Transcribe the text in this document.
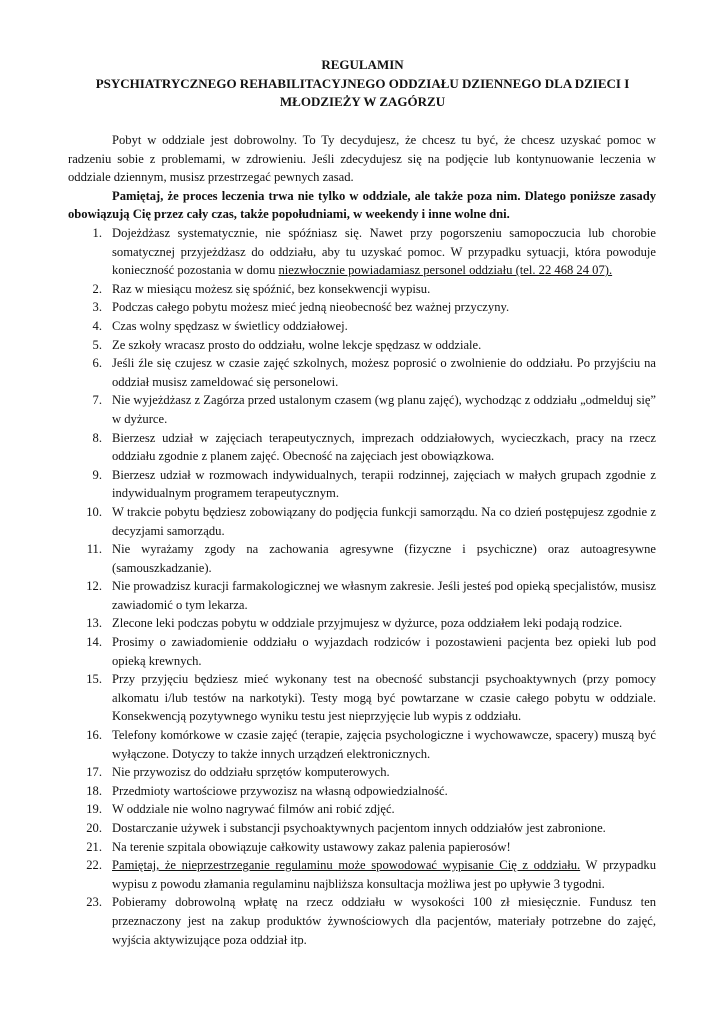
REGULAMIN
PSYCHIATRYCZNEGO REHABILITACYJNEGO ODDZIAŁU DZIENNEGO DLA DZIECI I
MŁODZIEŻY W ZAGÓRZU

Pobyt w oddziale jest dobrowolny. To Ty decydujesz, że chcesz tu być, że chcesz uzyskać pomoc w radzeniu sobie z problemami, w zdrowieniu. Jeśli zdecydujesz się na podjęcie lub kontynuowanie leczenia w oddziale dziennym, musisz przestrzegać pewnych zasad.

Pamiętaj, że proces leczenia trwa nie tylko w oddziale, ale także poza nim. Dlatego poniższe zasady obowiązują Cię przez cały czas, także popołudniami, w weekendy i inne wolne dni.

1. Dojeżdżasz systematycznie, nie spóźniasz się. Nawet przy pogorszeniu samopoczucia lub chorobie somatycznej przyjeżdżasz do oddziału, aby tu uzyskać pomoc. W przypadku sytuacji, która powoduje konieczność pozostania w domu niezwłocznie powiadamiasz personel oddziału (tel. 22 468 24 07).
2. Raz w miesiącu możesz się spóźnić, bez konsekwencji wypisu.
3. Podczas całego pobytu możesz mieć jedną nieobecność bez ważnej przyczyny.
4. Czas wolny spędzasz w świetlicy oddziałowej.
5. Ze szkoły wracasz prosto do oddziału, wolne lekcje spędzasz w oddziale.
6. Jeśli źle się czujesz w czasie zajęć szkolnych, możesz poprosić o zwolnienie do oddziału. Po przyjściu na oddział musisz zameldować się personelowi.
7. Nie wyjeżdżasz z Zagórza przed ustalonym czasem (wg planu zajęć), wychodząc z oddziału „odmelduj się” w dyżurce.
8. Bierzesz udział w zajęciach terapeutycznych, imprezach oddziałowych, wycieczkach, pracy na rzecz oddziału zgodnie z planem zajęć. Obecność na zajęciach jest obowiązkowa.
9. Bierzesz udział w rozmowach indywidualnych, terapii rodzinnej, zajęciach w małych grupach zgodnie z indywidualnym programem terapeutycznym.
10. W trakcie pobytu będziesz zobowiązany do podjęcia funkcji samorządu. Na co dzień postępujesz zgodnie z decyzjami samorządu.
11. Nie wyrażamy zgody na zachowania agresywne (fizyczne i psychiczne) oraz autoagresywne (samouszkadzanie).
12. Nie prowadzisz kuracji farmakologicznej we własnym zakresie. Jeśli jesteś pod opieką specjalistów, musisz zawiadomić o tym lekarza.
13. Zlecone leki podczas pobytu w oddziale przyjmujesz w dyżurce, poza oddziałem leki podają rodzice.
14. Prosimy o zawiadomienie oddziału o wyjazdach rodziców i pozostawieni pacjenta bez opieki lub pod opieką krewnych.
15. Przy przyjęciu będziesz mieć wykonany test na obecność substancji psychoaktywnych (przy pomocy alkomatu i/lub testów na narkotyki). Testy mogą być powtarzane w czasie całego pobytu w oddziale. Konsekwencją pozytywnego wyniku testu jest nieprzyjęcie lub wypis z oddziału.
16. Telefony komórkowe w czasie zajęć (terapie, zajęcia psychologiczne i wychowawcze, spacery) muszą być wyłączone. Dotyczy to także innych urządzeń elektronicznych.
17. Nie przywozisz do oddziału sprzętów komputerowych.
18. Przedmioty wartościowe przywozisz na własną odpowiedzialność.
19. W oddziale nie wolno nagrywać filmów ani robić zdjęć.
20. Dostarczanie używek i substancji psychoaktywnych pacjentom innych oddziałów jest zabronione.
21. Na terenie szpitala obowiązuje całkowity ustawowy zakaz palenia papierosów!
22. Pamiętaj, że nieprzestrzeganie regulaminu może spowodować wypisanie Cię z oddziału. W przypadku wypisu z powodu złamania regulaminu najbliższa konsultacja możliwa jest po upływie 3 tygodni.
23. Pobieramy dobrowolną wpłatę na rzecz oddziału w wysokości 100 zł miesięcznie. Fundusz ten przeznaczony jest na zakup produktów żywnościowych dla pacjentów, materiały potrzebne do zajęć, wyjścia aktywizujące poza oddział itp.
